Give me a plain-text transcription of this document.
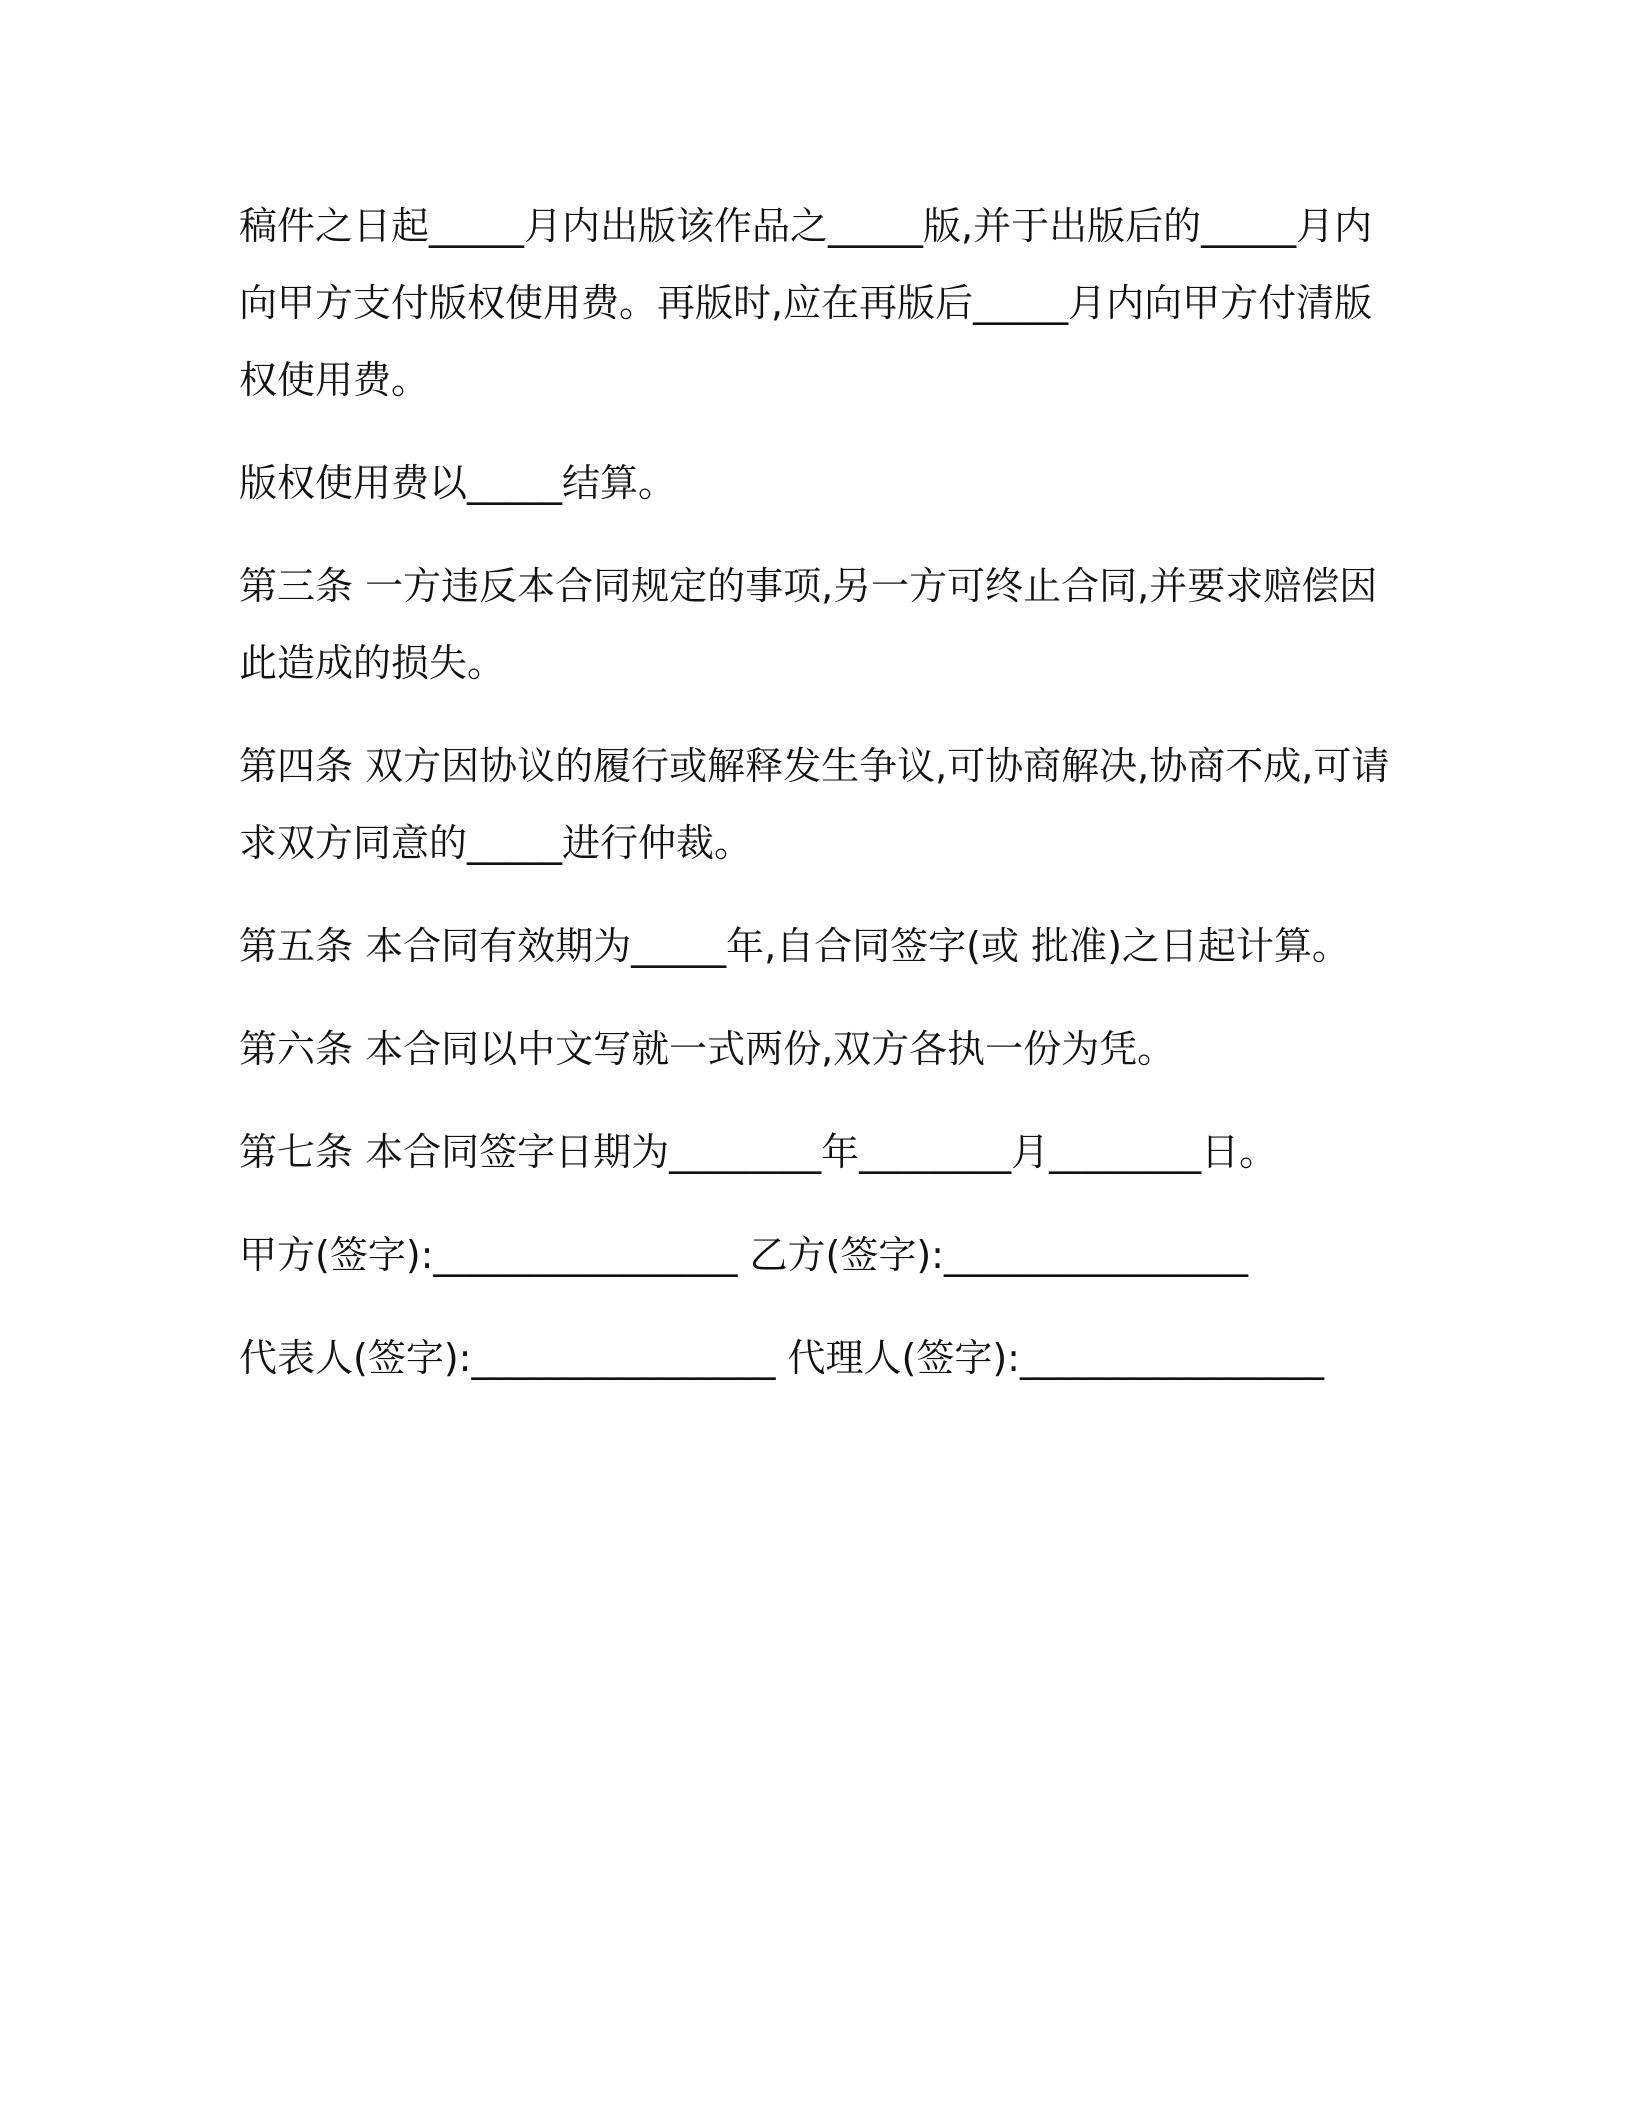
稿件之日起_____月内出版该作品之_____版,并于出版后的_____月内向甲方支付版权使用费。再版时,应在再版后_____月内向甲方付清版权使用费。

版权使用费以_____结算。

第三条 一方违反本合同规定的事项,另一方可终止合同,并要求赔偿因此造成的损失。

第四条 双方因协议的履行或解释发生争议,可协商解决,协商不成,可请求双方同意的_____进行仲裁。

第五条 本合同有效期为_____年,自合同签字(或 批准)之日起计算。

第六条 本合同以中文写就一式两份,双方各执一份为凭。

第七条 本合同签字日期为________年________月________日。

甲方(签字):________________ 乙方(签字):________________

代表人(签字):________________ 代理人(签字):________________
